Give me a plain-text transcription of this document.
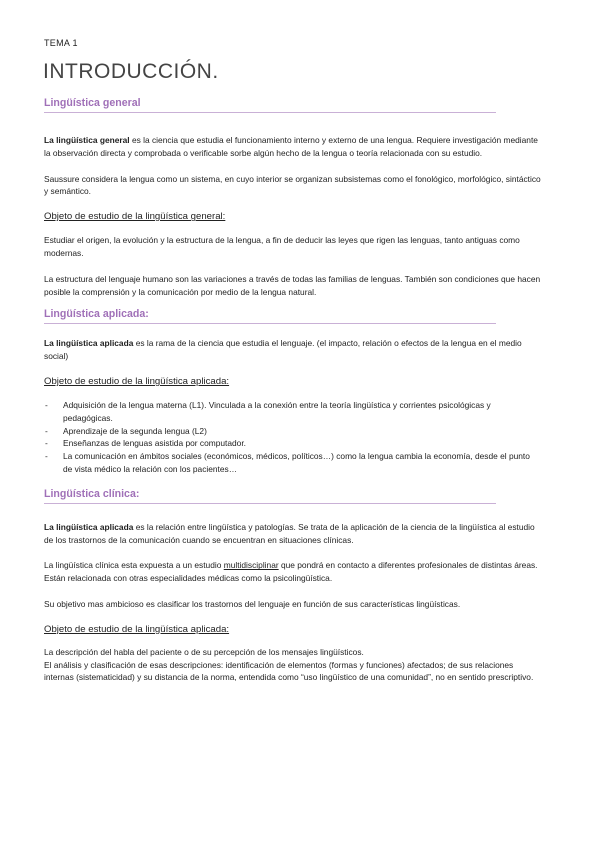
TEMA 1
INTRODUCCIÓN.
Lingüística general

La lingüística general es la ciencia que estudia el funcionamiento interno y externo de una lengua. Requiere investigación mediante la observación directa y comprobada o verificable sorbe algún hecho de la lengua o teoría relacionada con su estudio.

Saussure considera la lengua como un sistema, en cuyo interior se organizan subsistemas como el fonológico, morfológico, sintáctico y semántico.

Objeto de estudio de la lingüística general:

Estudiar el origen, la evolución y la estructura de la lengua, a fin de deducir las leyes que rigen las lenguas, tanto antiguas como modernas.

La estructura del lenguaje humano son las variaciones a través de todas las familias de lenguas. También son condiciones que hacen posible la comprensión y la comunicación por medio de la lengua natural.

Lingüística aplicada:

La lingüística aplicada es la rama de la ciencia que estudia el lenguaje. (el impacto, relación o efectos de la lengua en el medio social)

Objeto de estudio de la lingüística aplicada:
- Adquisición de la lengua materna (L1). Vinculada a la conexión entre la teoría lingüística y corrientes psicológicas y pedagógicas.
- Aprendizaje de la segunda lengua (L2)
- Enseñanzas de lenguas asistida por computador.
- La comunicación en ámbitos sociales (económicos, médicos, políticos…) como la lengua cambia la economía, desde el punto de vista médico la relación con los pacientes…
Lingüística clínica:

La lingüística aplicada es la relación entre lingüística y patologías. Se trata de la aplicación de la ciencia de la lingüística al estudio de los trastornos de la comunicación cuando se encuentran en situaciones clínicas.

La lingüística clínica esta expuesta a un estudio multidisciplinar que pondrá en contacto a diferentes profesionales de distintas áreas. Están relacionada con otras especialidades médicas como la psicolingüística.

Su objetivo mas ambicioso es clasificar los trastornos del lenguaje en función de sus características lingüísticas.

Objeto de estudio de la lingüística aplicada:

La descripción del habla del paciente o de su percepción de los mensajes lingüísticos.

El análisis y clasificación de esas descripciones: identificación de elementos (formas y funciones) afectados; de sus relaciones internas (sistematicidad) y su distancia de la norma, entendida como “uso lingüístico de una comunidad”, no en sentido prescriptivo.
